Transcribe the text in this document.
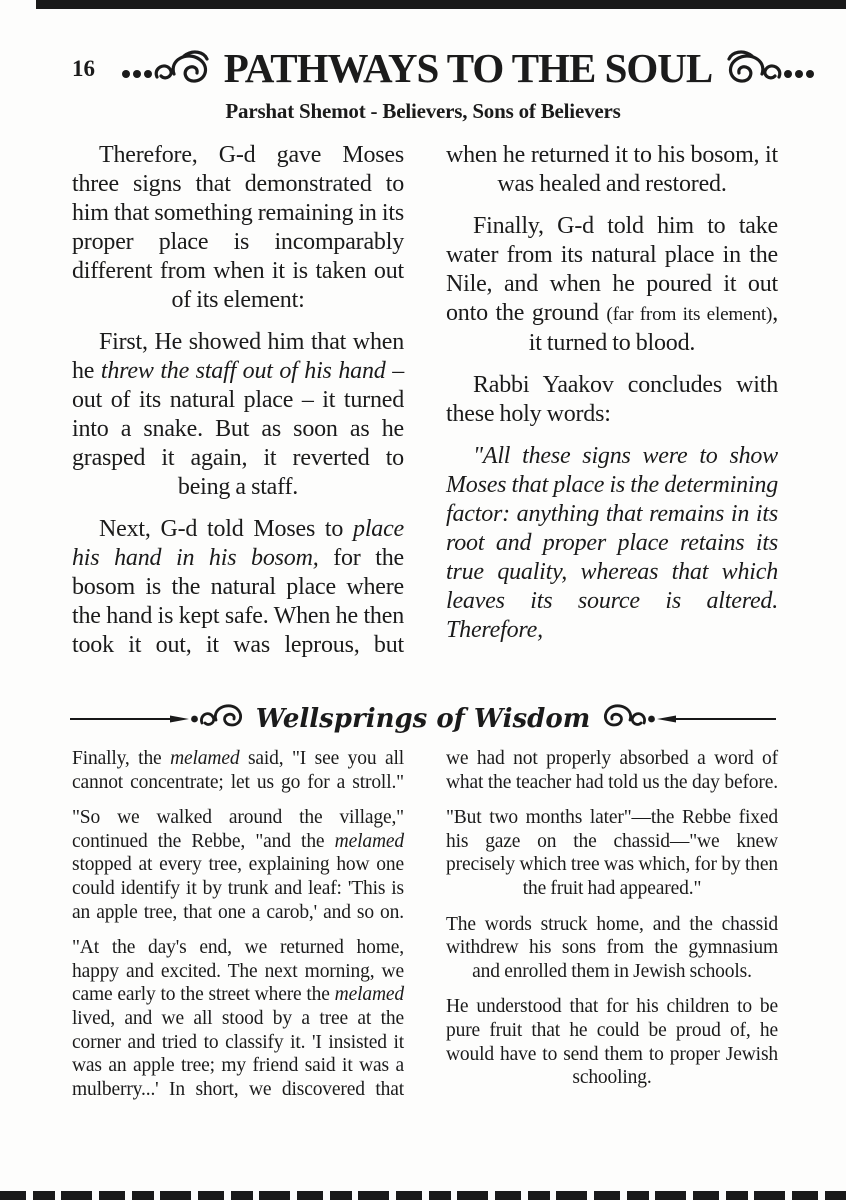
16	PATHWAYS TO THE SOUL
Parshat Shemot - Believers, Sons of Believers

Therefore, G-d gave Moses three signs that demonstrated to him that something remaining in its proper place is incomparably different from when it is taken out of its element:

First, He showed him that when he threw the staff out of his hand – out of its natural place – it turned into a snake. But as soon as he grasped it again, it reverted to being a staff.

Next, G-d told Moses to place his hand in his bosom, for the bosom is the natural place where the hand is kept safe. When he then took it out, it was leprous, but

when he returned it to his bosom, it was healed and restored.

Finally, G-d told him to take water from its natural place in the Nile, and when he poured it out onto the ground (far from its element), it turned to blood.

Rabbi Yaakov concludes with these holy words:

"All these signs were to show Moses that place is the determining factor: anything that remains in its root and proper place retains its true quality, whereas that which leaves its source is altered. Therefore,

Wellsprings of Wisdom

Finally, the melamed said, "I see you all cannot concentrate; let us go for a stroll."

"So we walked around the village," continued the Rebbe, "and the melamed stopped at every tree, explaining how one could identify it by trunk and leaf: 'This is an apple tree, that one a carob,' and so on.

"At the day's end, we returned home, happy and excited. The next morning, we came early to the street where the melamed lived, and we all stood by a tree at the corner and tried to classify it. 'I insisted it was an apple tree; my friend said it was a mulberry...' In short, we discovered that

we had not properly absorbed a word of what the teacher had told us the day before.

"But two months later"—the Rebbe fixed his gaze on the chassid—"we knew precisely which tree was which, for by then the fruit had appeared."

The words struck home, and the chassid withdrew his sons from the gymnasium and enrolled them in Jewish schools.

He understood that for his children to be pure fruit that he could be proud of, he would have to send them to proper Jewish schooling.
